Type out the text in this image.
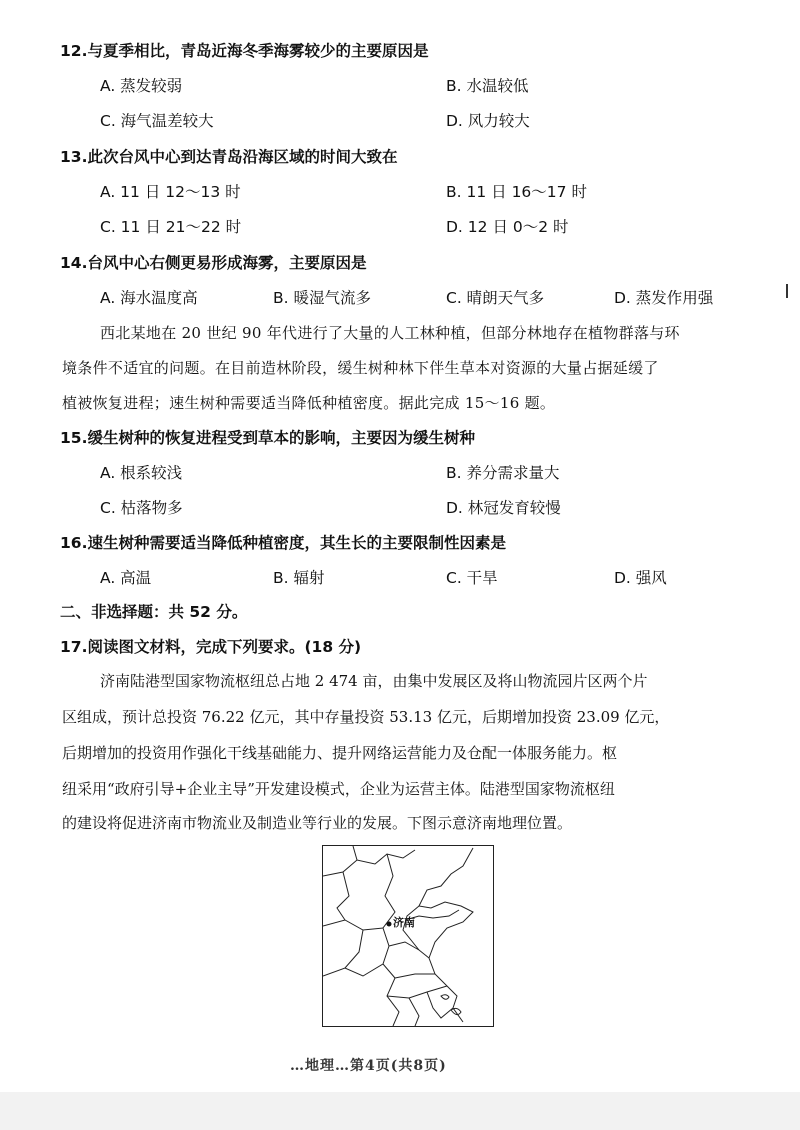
12.与夏季相比，青岛近海冬季海雾较少的主要原因是
A. 蒸发较弱	B. 水温较低
C. 海气温差较大	D. 风力较大
13.此次台风中心到达青岛沿海区域的时间大致在
A. 11 日 12～13 时	B. 11 日 16～17 时
C. 11 日 21～22 时	D. 12 日 0～2 时
14.台风中心右侧更易形成海雾，主要原因是
A. 海水温度高	B. 暖湿气流多	C. 晴朗天气多	D. 蒸发作用强
西北某地在 20 世纪 90 年代进行了大量的人工林种植，但部分林地存在植物群落与环
境条件不适宜的问题。在目前造林阶段，缓生树种林下伴生草本对资源的大量占据延缓了
植被恢复进程；速生树种需要适当降低种植密度。据此完成 15～16 题。
15.缓生树种的恢复进程受到草本的影响，主要因为缓生树种
A. 根系较浅	B. 养分需求量大
C. 枯落物多	D. 林冠发育较慢
16.速生树种需要适当降低种植密度，其生长的主要限制性因素是
A. 高温	B. 辐射	C. 干旱	D. 强风
二、非选择题：共 52 分。
17.阅读图文材料，完成下列要求。(18 分)
济南陆港型国家物流枢纽总占地 2 474 亩，由集中发展区及将山物流园片区两个片
区组成，预计总投资 76.22 亿元，其中存量投资 53.13 亿元，后期增加投资 23.09 亿元，
后期增加的投资用作强化干线基础能力、提升网络运营能力及仓配一体服务能力。枢
纽采用“政府引导+企业主导”开发建设模式，企业为运营主体。陆港型国家物流枢纽
的建设将促进济南市物流业及制造业等行业的发展。下图示意济南地理位置。
济南
…地理…第4页(共8页)
